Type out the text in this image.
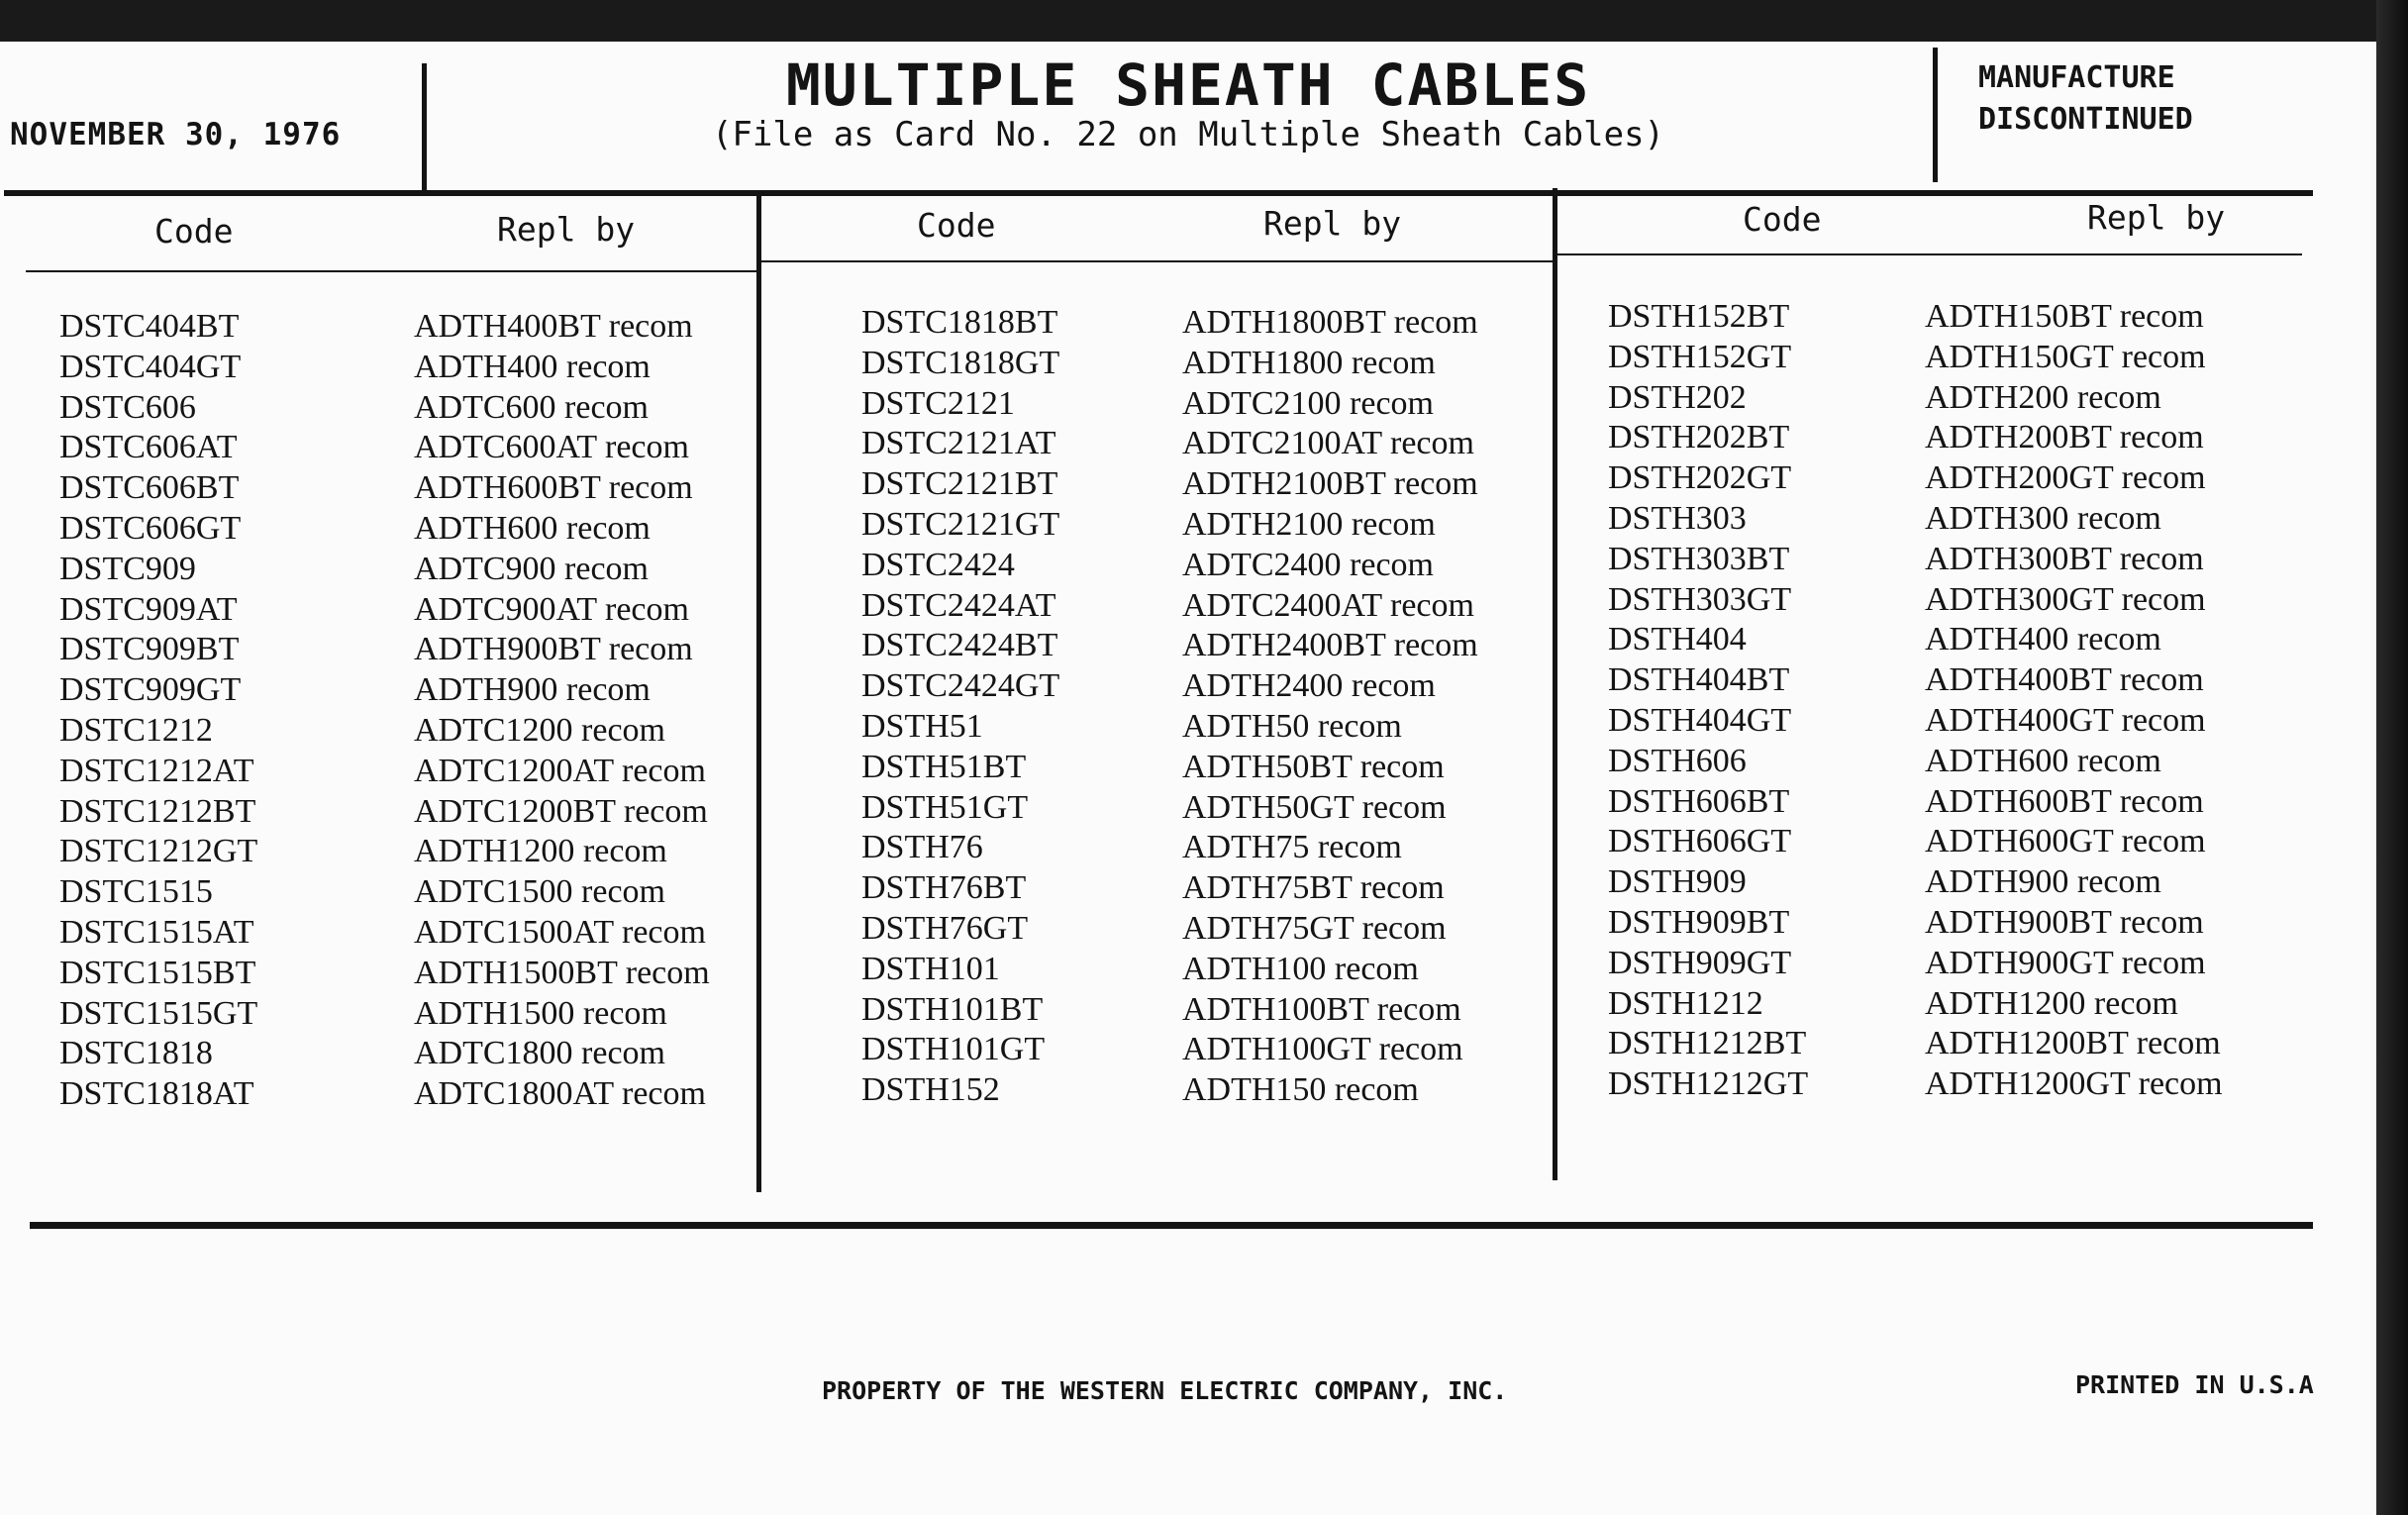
NOVEMBER 30, 1976
MULTIPLE SHEATH CABLES
(File as Card No. 22 on Multiple Sheath Cables)
MANUFACTURE
DISCONTINUED
Code	Repl by	Code	Repl by	Code	Repl by
DSTC404BT	ADTH400BT recom
DSTC404GT	ADTH400 recom
DSTC606	ADTC600 recom
DSTC606AT	ADTC600AT recom
DSTC606BT	ADTH600BT recom
DSTC606GT	ADTH600 recom
DSTC909	ADTC900 recom
DSTC909AT	ADTC900AT recom
DSTC909BT	ADTH900BT recom
DSTC909GT	ADTH900 recom
DSTC1212	ADTC1200 recom
DSTC1212AT	ADTC1200AT recom
DSTC1212BT	ADTC1200BT recom
DSTC1212GT	ADTH1200 recom
DSTC1515	ADTC1500 recom
DSTC1515AT	ADTC1500AT recom
DSTC1515BT	ADTH1500BT recom
DSTC1515GT	ADTH1500 recom
DSTC1818	ADTC1800 recom
DSTC1818AT	ADTC1800AT recom
DSTC1818BT	ADTH1800BT recom
DSTC1818GT	ADTH1800 recom
DSTC2121	ADTC2100 recom
DSTC2121AT	ADTC2100AT recom
DSTC2121BT	ADTH2100BT recom
DSTC2121GT	ADTH2100 recom
DSTC2424	ADTC2400 recom
DSTC2424AT	ADTC2400AT recom
DSTC2424BT	ADTH2400BT recom
DSTC2424GT	ADTH2400 recom
DSTH51	ADTH50 recom
DSTH51BT	ADTH50BT recom
DSTH51GT	ADTH50GT recom
DSTH76	ADTH75 recom
DSTH76BT	ADTH75BT recom
DSTH76GT	ADTH75GT recom
DSTH101	ADTH100 recom
DSTH101BT	ADTH100BT recom
DSTH101GT	ADTH100GT recom
DSTH152	ADTH150 recom
DSTH152BT	ADTH150BT recom
DSTH152GT	ADTH150GT recom
DSTH202	ADTH200 recom
DSTH202BT	ADTH200BT recom
DSTH202GT	ADTH200GT recom
DSTH303	ADTH300 recom
DSTH303BT	ADTH300BT recom
DSTH303GT	ADTH300GT recom
DSTH404	ADTH400 recom
DSTH404BT	ADTH400BT recom
DSTH404GT	ADTH400GT recom
DSTH606	ADTH600 recom
DSTH606BT	ADTH600BT recom
DSTH606GT	ADTH600GT recom
DSTH909	ADTH900 recom
DSTH909BT	ADTH900BT recom
DSTH909GT	ADTH900GT recom
DSTH1212	ADTH1200 recom
DSTH1212BT	ADTH1200BT recom
DSTH1212GT	ADTH1200GT recom
PROPERTY OF THE WESTERN ELECTRIC COMPANY, INC.	PRINTED IN U.S.A
